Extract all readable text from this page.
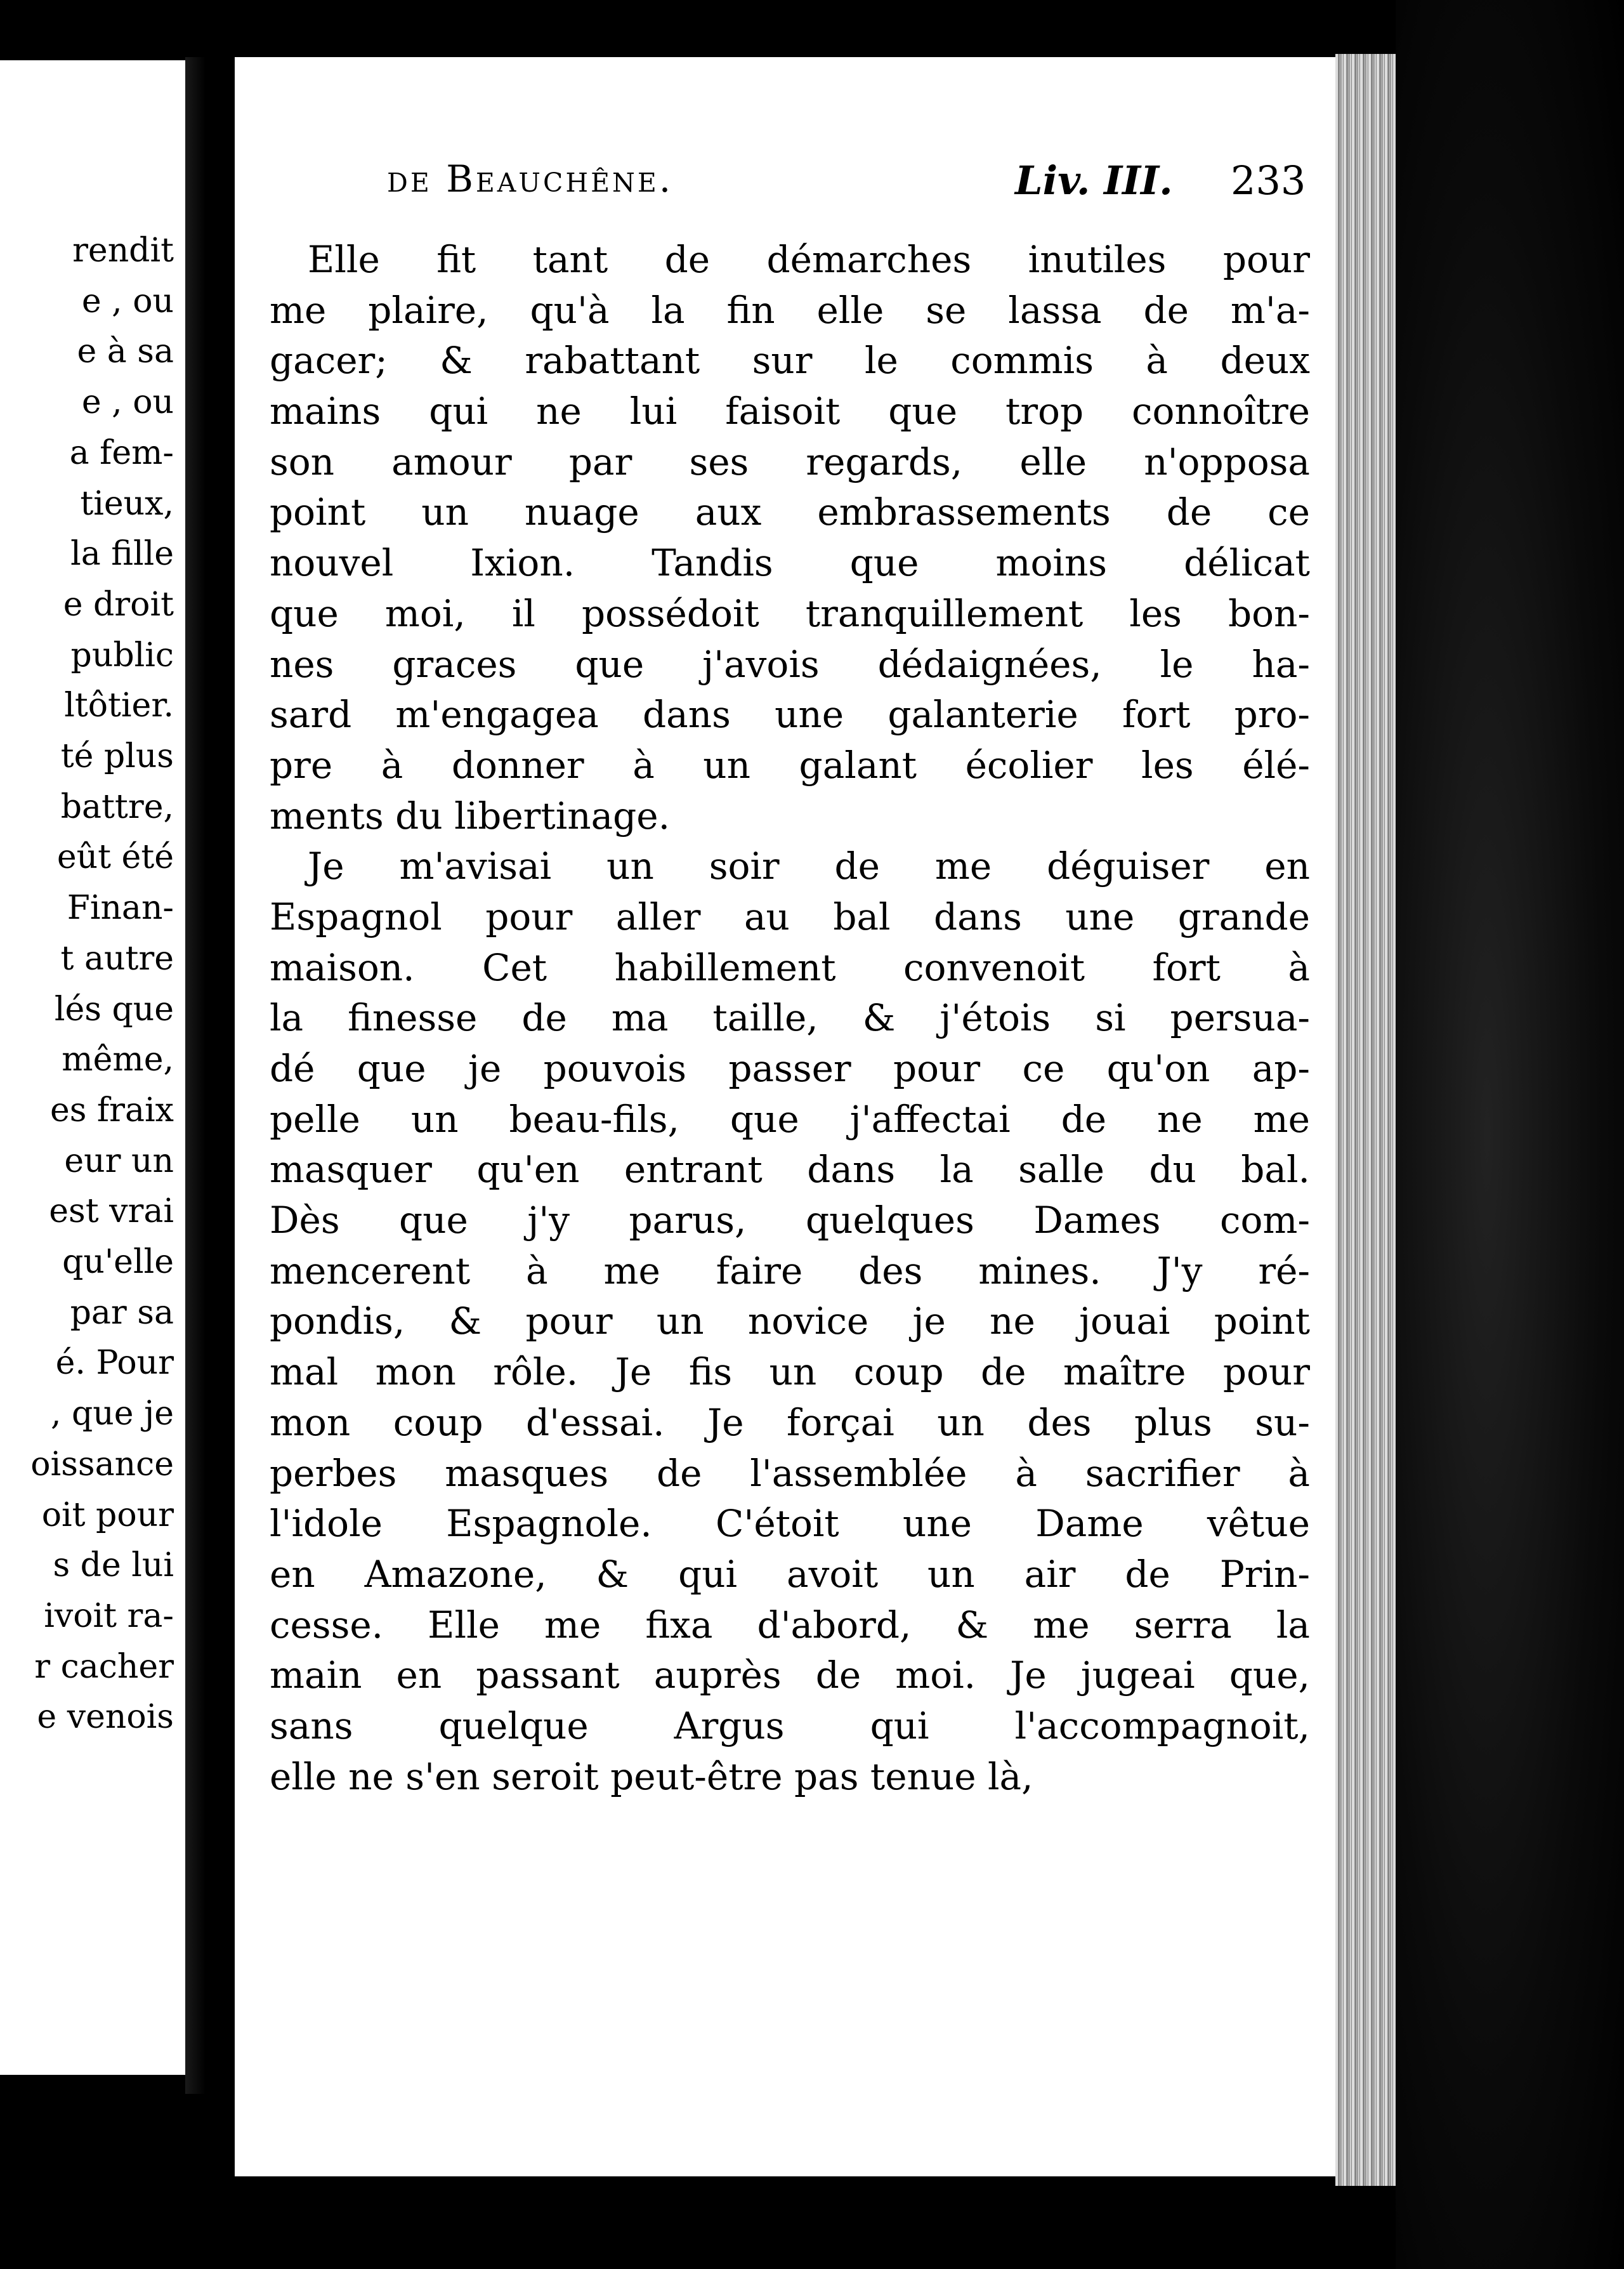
rendit
e , ou
e à sa
e , ou
a fem-
tieux,
la fille
e droit
public
ltôtier.
té plus
battre,
eût été
Finan-
t autre
lés que
même,
es fraix
eur un
est vrai
qu'elle
par sa
é. Pour
, que je
oissance
oit pour
s de lui
ivoit ra-
r cacher
e venois
de Beauchêne.	Liv. III. 233
Elle fit tant de démarches inutiles pour
me plaire, qu'à la fin elle se lassa de m'a-
gacer; & rabattant sur le commis à deux
mains qui ne lui faisoit que trop connoître
son amour par ses regards, elle n'opposa
point un nuage aux embrassements de ce
nouvel Ixion. Tandis que moins délicat
que moi, il possédoit tranquillement les bon-
nes graces que j'avois dédaignées, le ha-
sard m'engagea dans une galanterie fort pro-
pre à donner à un galant écolier les élé-
ments du libertinage.
Je m'avisai un soir de me déguiser en
Espagnol pour aller au bal dans une grande
maison. Cet habillement convenoit fort à
la finesse de ma taille, & j'étois si persua-
dé que je pouvois passer pour ce qu'on ap-
pelle un beau-fils, que j'affectai de ne me
masquer qu'en entrant dans la salle du bal.
Dès que j'y parus, quelques Dames com-
mencerent à me faire des mines. J'y ré-
pondis, & pour un novice je ne jouai point
mal mon rôle. Je fis un coup de maître pour
mon coup d'essai. Je forçai un des plus su-
perbes masques de l'assemblée à sacrifier à
l'idole Espagnole. C'étoit une Dame vêtue
en Amazone, & qui avoit un air de Prin-
cesse. Elle me fixa d'abord, & me serra la
main en passant auprès de moi. Je jugeai que,
sans quelque Argus qui l'accompagnoit,
elle ne s'en seroit peut-être pas tenue là,
